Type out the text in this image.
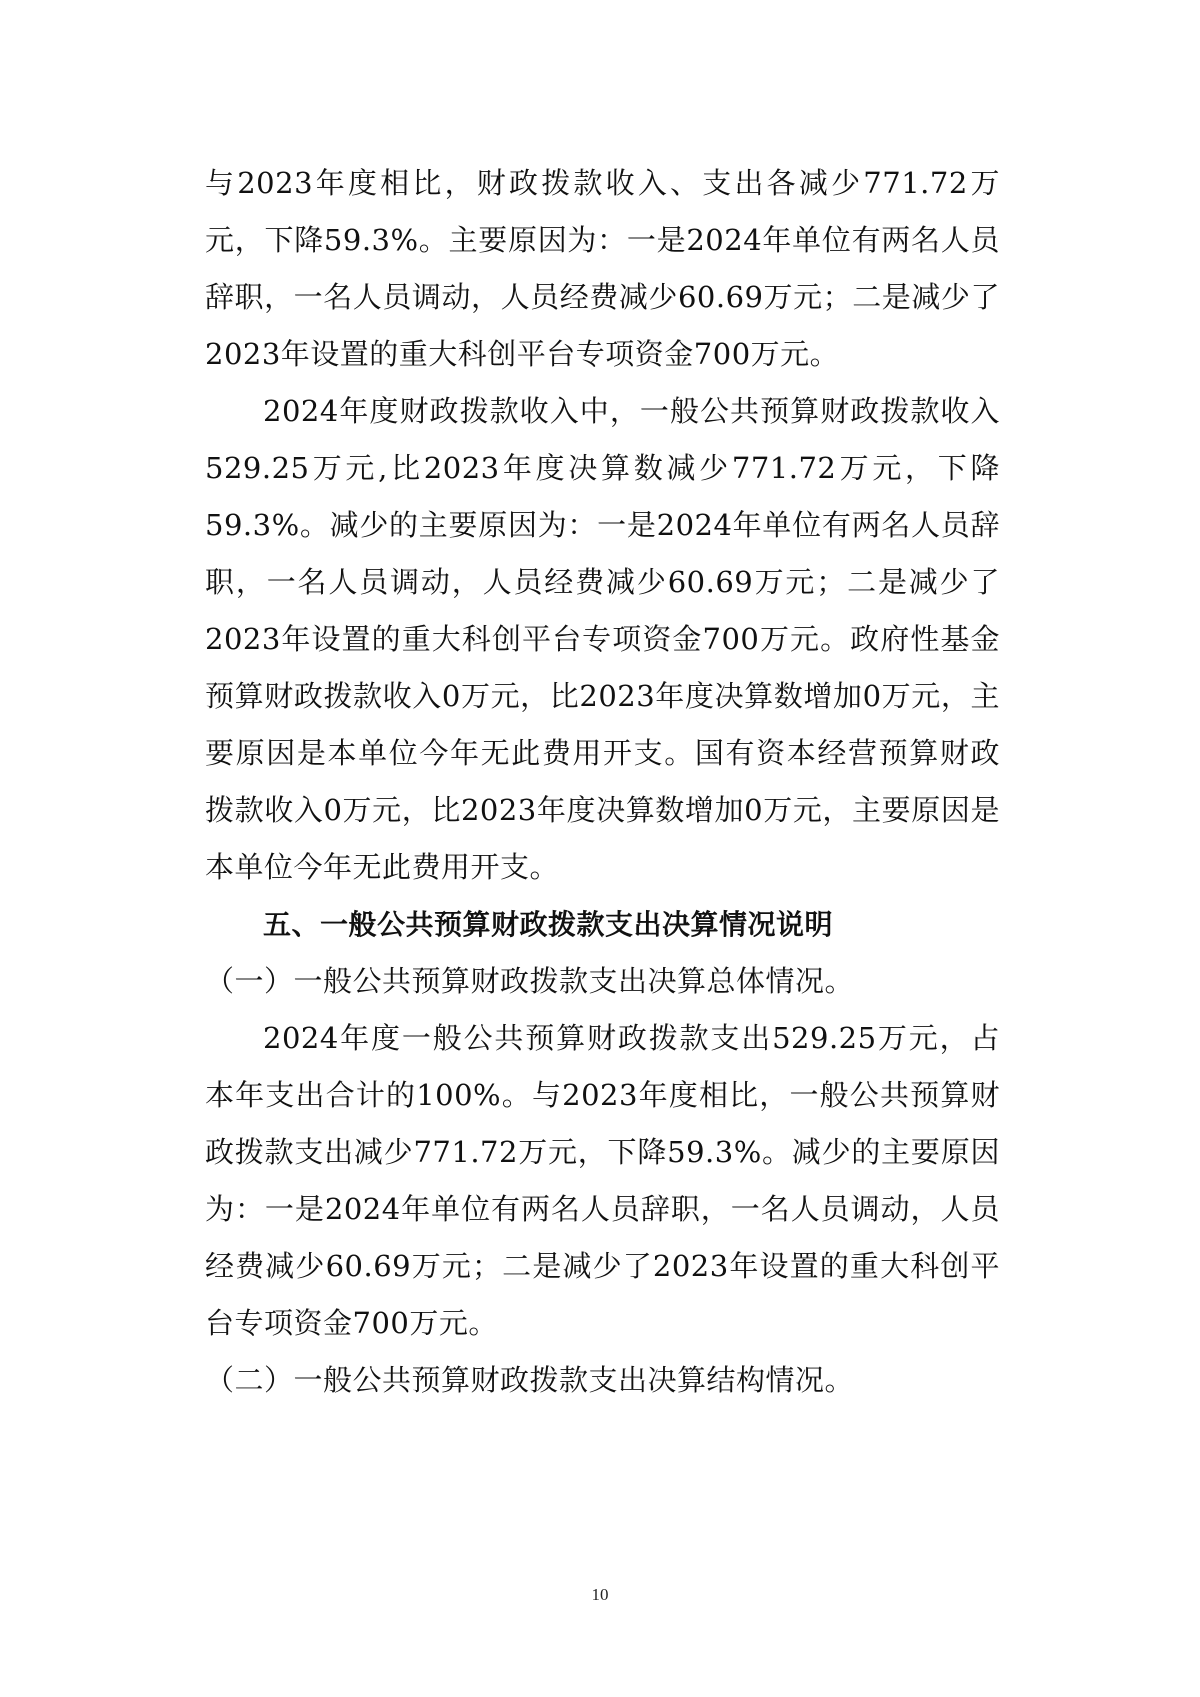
与2023年度相比，财政拨款收入、支出各减少771.72万元，下降59.3%。主要原因为：一是2024年单位有两名人员辞职，一名人员调动，人员经费减少60.69万元；二是减少了2023年设置的重大科创平台专项资金700万元。

2024年度财政拨款收入中，一般公共预算财政拨款收入529.25万元,比2023年度决算数减少771.72万元，下降59.3%。减少的主要原因为：一是2024年单位有两名人员辞职，一名人员调动，人员经费减少60.69万元；二是减少了2023年设置的重大科创平台专项资金700万元。政府性基金预算财政拨款收入0万元，比2023年度决算数增加0万元，主要原因是本单位今年无此费用开支。国有资本经营预算财政拨款收入0万元，比2023年度决算数增加0万元，主要原因是本单位今年无此费用开支。

五、一般公共预算财政拨款支出决算情况说明

（一）一般公共预算财政拨款支出决算总体情况。

2024年度一般公共预算财政拨款支出529.25万元，占本年支出合计的100%。与2023年度相比，一般公共预算财政拨款支出减少771.72万元，下降59.3%。减少的主要原因为：一是2024年单位有两名人员辞职，一名人员调动，人员经费减少60.69万元；二是减少了2023年设置的重大科创平台专项资金700万元。

（二）一般公共预算财政拨款支出决算结构情况。

10
